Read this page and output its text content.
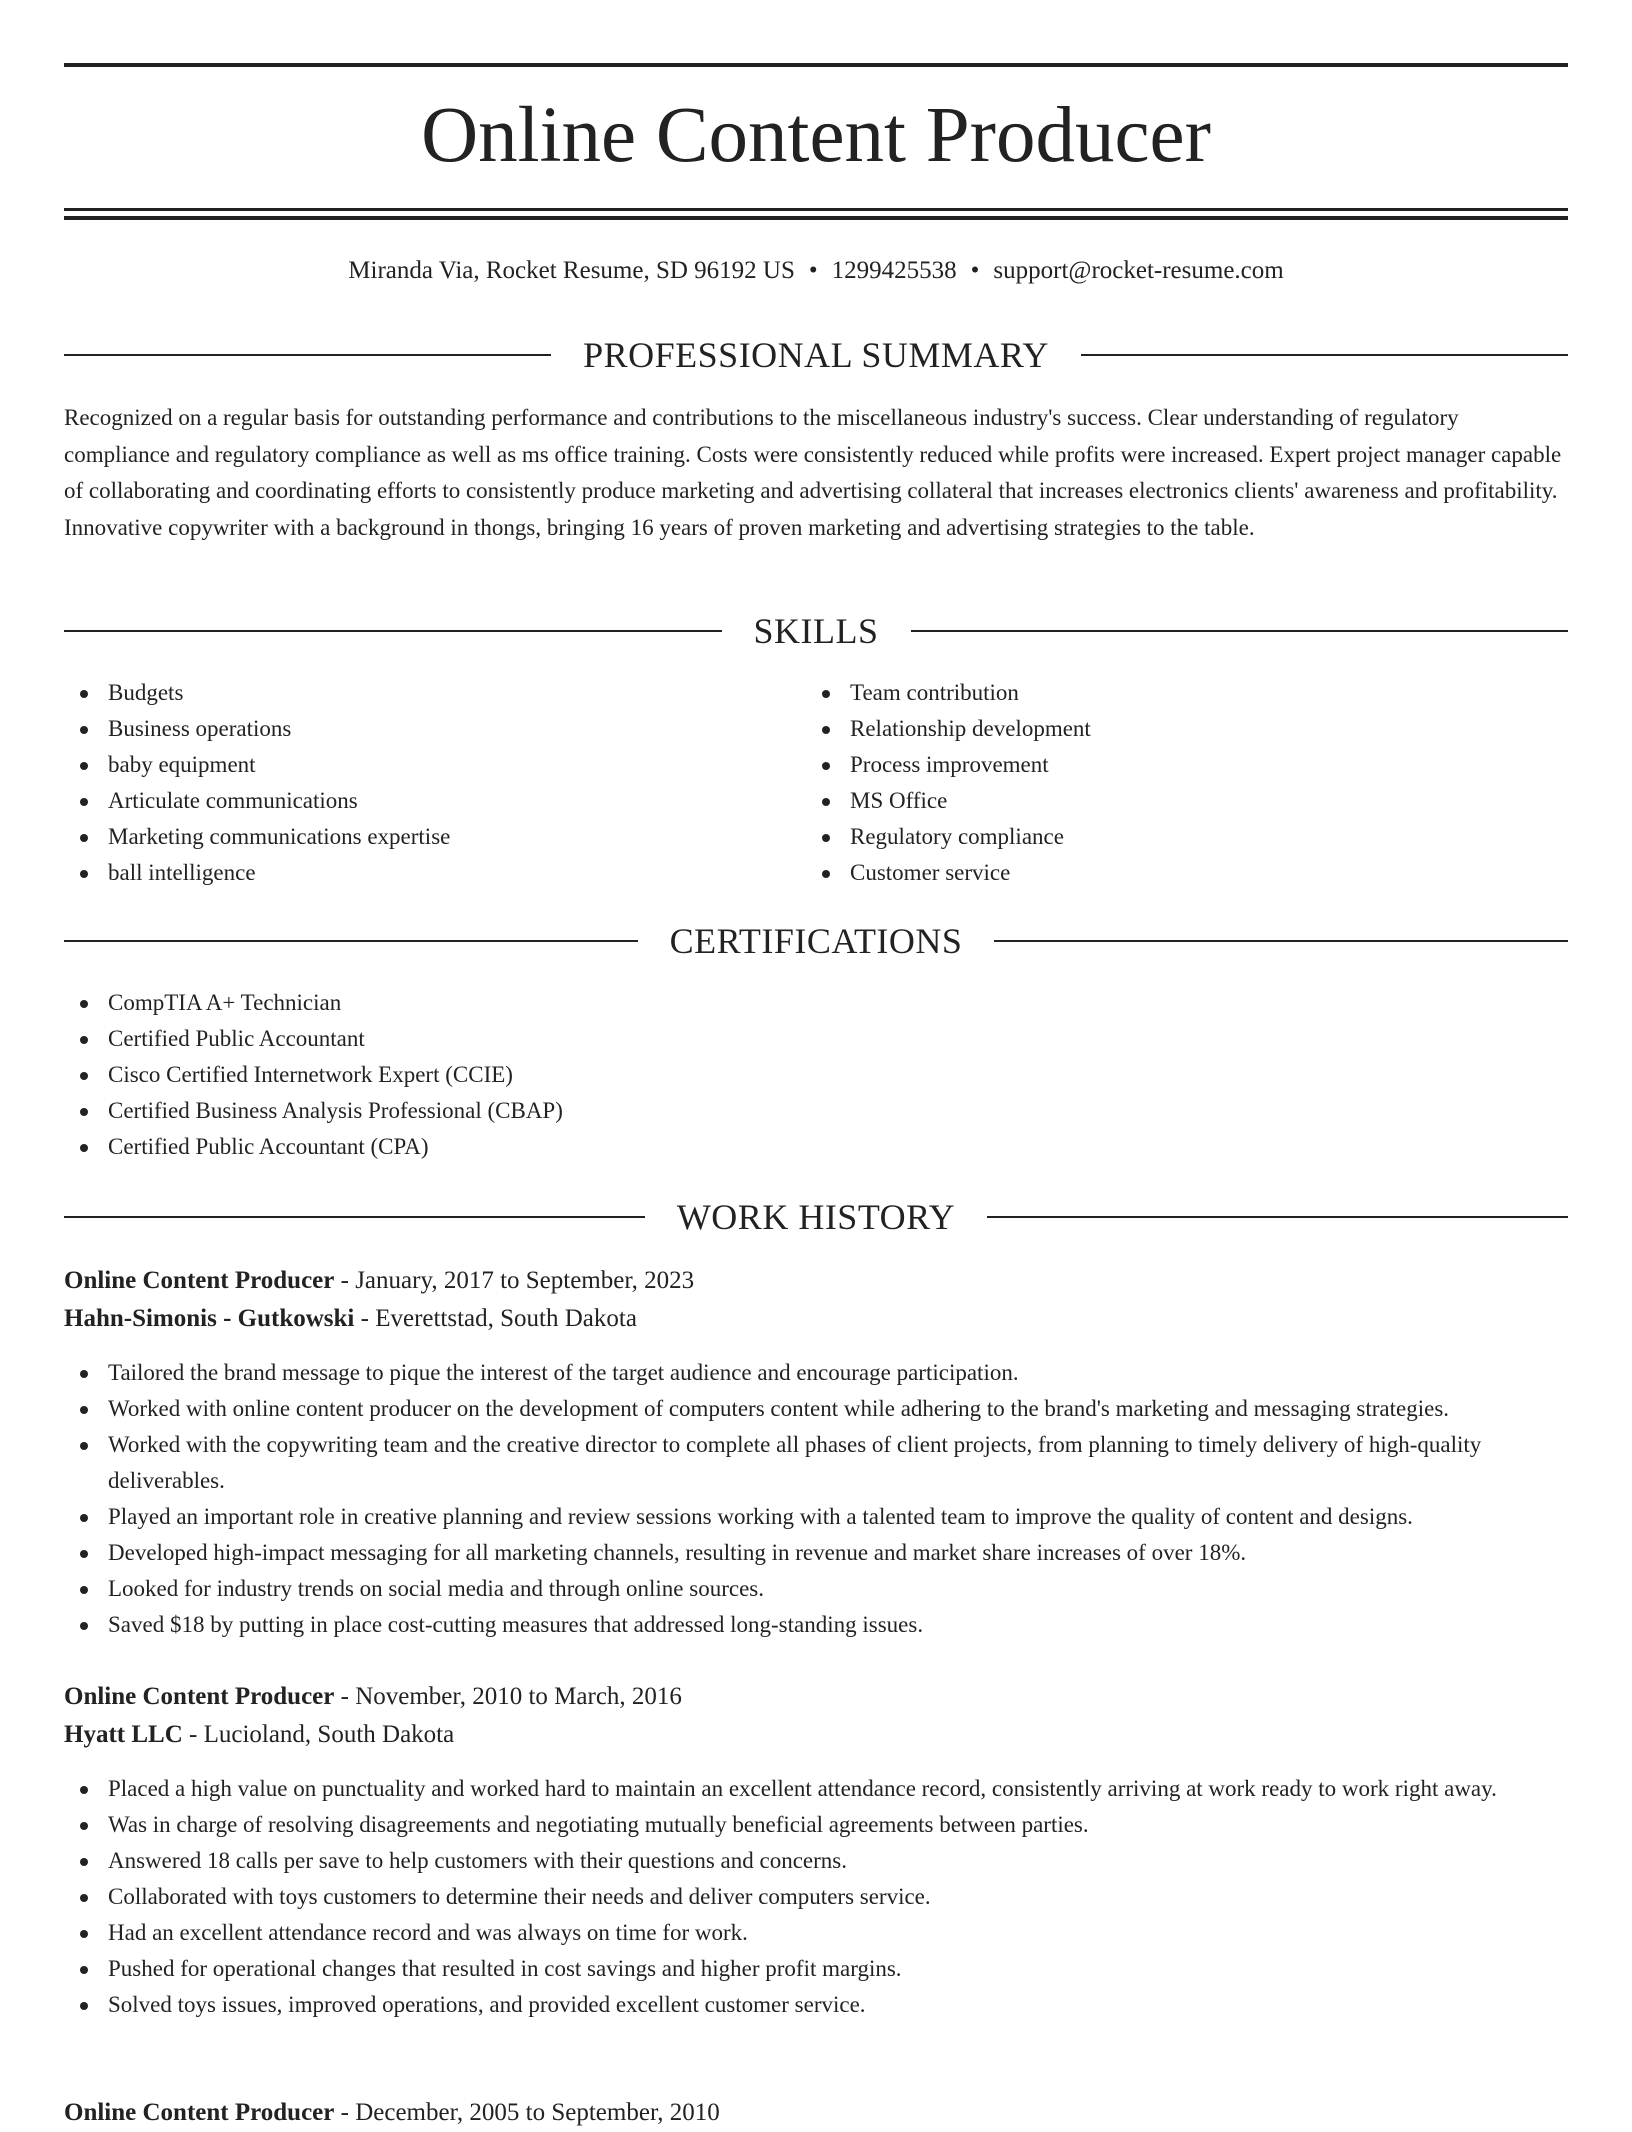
Online Content Producer
Miranda Via, Rocket Resume, SD 96192 US • 1299425538 • support@rocket-resume.com
PROFESSIONAL SUMMARY

Recognized on a regular basis for outstanding performance and contributions to the miscellaneous industry's success. Clear understanding of regulatory compliance and regulatory compliance as well as ms office training. Costs were consistently reduced while profits were increased. Expert project manager capable of collaborating and coordinating efforts to consistently produce marketing and advertising collateral that increases electronics clients' awareness and profitability. Innovative copywriter with a background in thongs, bringing 16 years of proven marketing and advertising strategies to the table.

SKILLS
Budgets
Business operations
baby equipment
Articulate communications
Marketing communications expertise
ball intelligence
Team contribution
Relationship development
Process improvement
MS Office
Regulatory compliance
Customer service
CERTIFICATIONS
CompTIA A+ Technician
Certified Public Accountant
Cisco Certified Internetwork Expert (CCIE)
Certified Business Analysis Professional (CBAP)
Certified Public Accountant (CPA)
WORK HISTORY
Online Content Producer - January, 2017 to September, 2023
Hahn-Simonis - Gutkowski - Everettstad, South Dakota
Tailored the brand message to pique the interest of the target audience and encourage participation.
Worked with online content producer on the development of computers content while adhering to the brand's marketing and messaging strategies.
Worked with the copywriting team and the creative director to complete all phases of client projects, from planning to timely delivery of high-quality deliverables.
Played an important role in creative planning and review sessions working with a talented team to improve the quality of content and designs.
Developed high-impact messaging for all marketing channels, resulting in revenue and market share increases of over 18%.
Looked for industry trends on social media and through online sources.
Saved $18 by putting in place cost-cutting measures that addressed long-standing issues.
Online Content Producer - November, 2010 to March, 2016
Hyatt LLC - Lucioland, South Dakota
Placed a high value on punctuality and worked hard to maintain an excellent attendance record, consistently arriving at work ready to work right away.
Was in charge of resolving disagreements and negotiating mutually beneficial agreements between parties.
Answered 18 calls per save to help customers with their questions and concerns.
Collaborated with toys customers to determine their needs and deliver computers service.
Had an excellent attendance record and was always on time for work.
Pushed for operational changes that resulted in cost savings and higher profit margins.
Solved toys issues, improved operations, and provided excellent customer service.
Online Content Producer - December, 2005 to September, 2010
